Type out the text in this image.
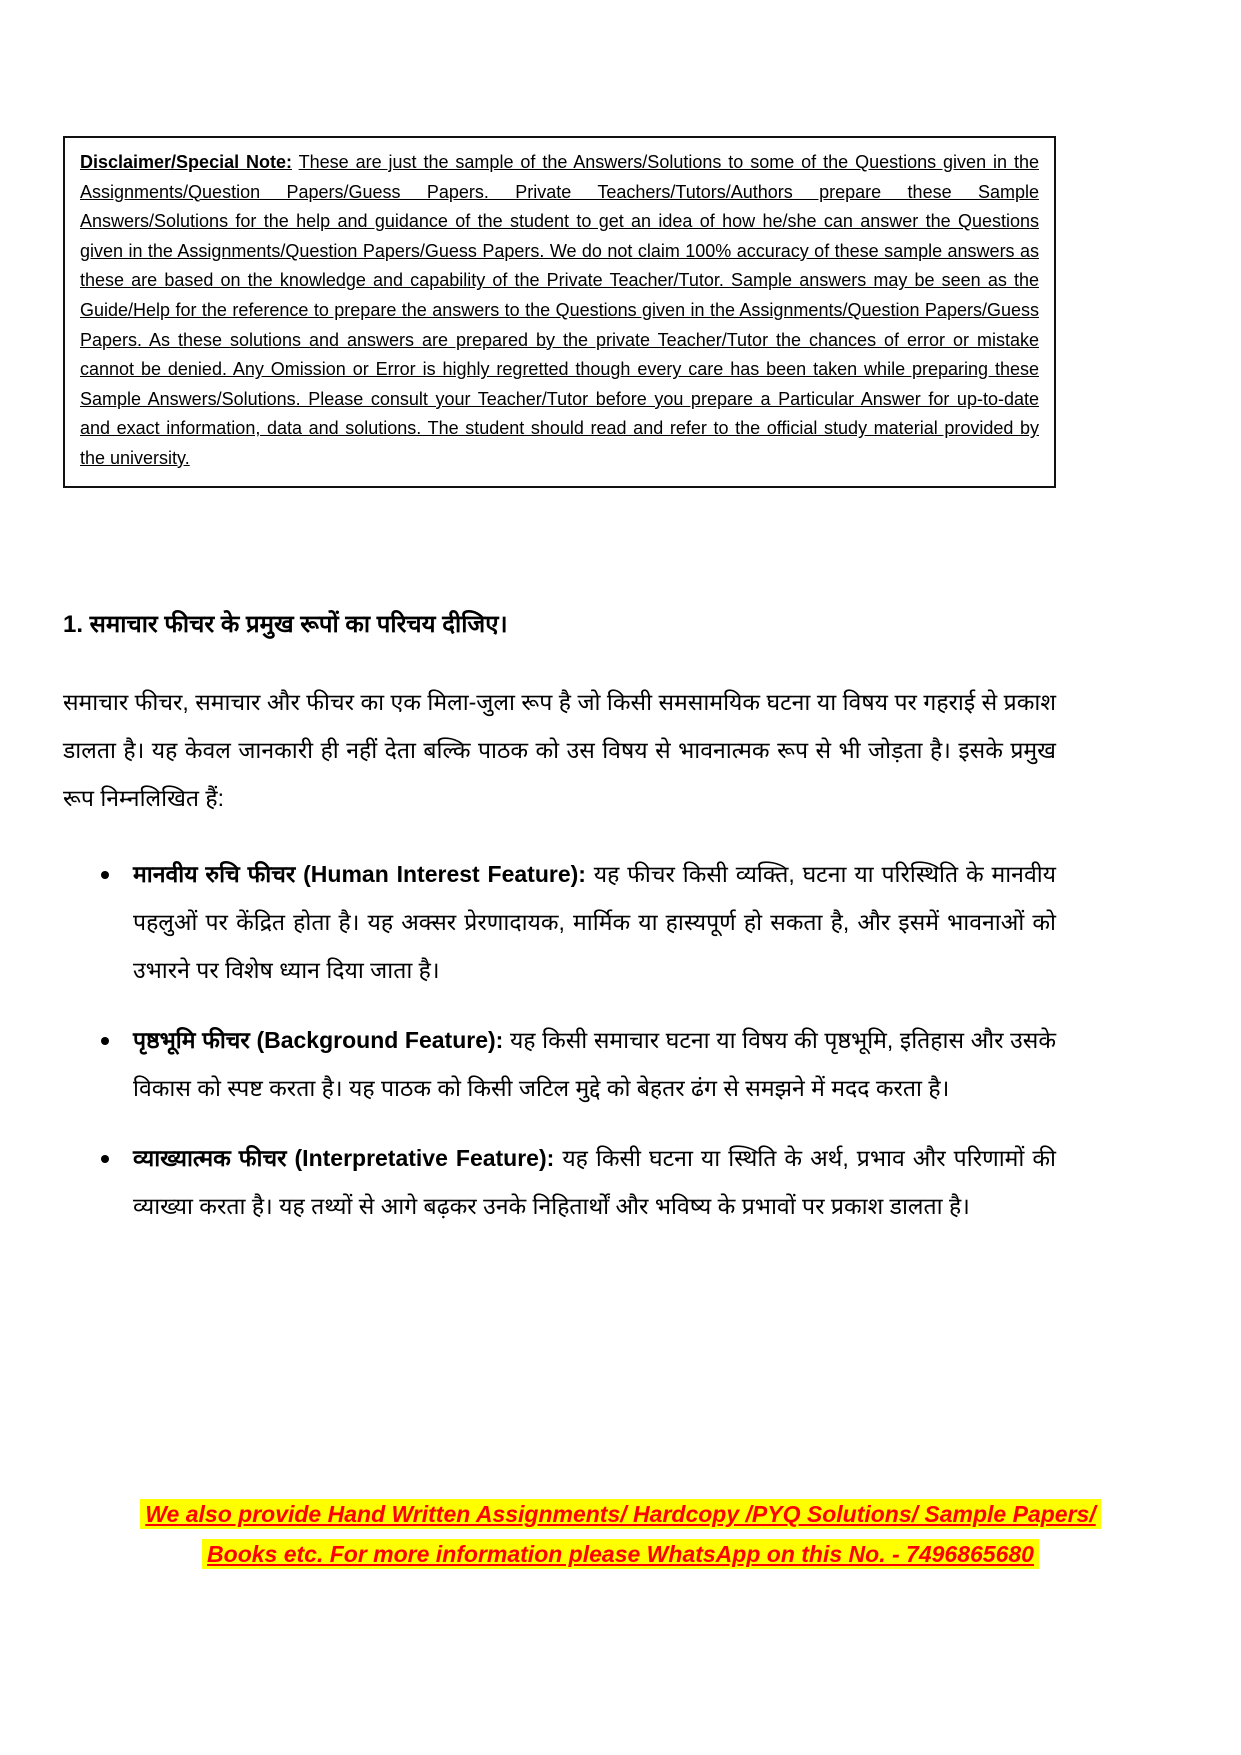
Disclaimer/Special Note: These are just the sample of the Answers/Solutions to some of the Questions given in the Assignments/Question Papers/Guess Papers. Private Teachers/Tutors/Authors prepare these Sample Answers/Solutions for the help and guidance of the student to get an idea of how he/she can answer the Questions given in the Assignments/Question Papers/Guess Papers. We do not claim 100% accuracy of these sample answers as these are based on the knowledge and capability of the Private Teacher/Tutor. Sample answers may be seen as the Guide/Help for the reference to prepare the answers to the Questions given in the Assignments/Question Papers/Guess Papers. As these solutions and answers are prepared by the private Teacher/Tutor the chances of error or mistake cannot be denied. Any Omission or Error is highly regretted though every care has been taken while preparing these Sample Answers/Solutions. Please consult your Teacher/Tutor before you prepare a Particular Answer for up-to-date and exact information, data and solutions. The student should read and refer to the official study material provided by the university.

1. समाचार फीचर के प्रमुख रूपों का परिचय दीजिए।

समाचार फीचर, समाचार और फीचर का एक मिला-जुला रूप है जो किसी समसामयिक घटना या विषय पर गहराई से प्रकाश डालता है। यह केवल जानकारी ही नहीं देता बल्कि पाठक को उस विषय से भावनात्मक रूप से भी जोड़ता है। इसके प्रमुख रूप निम्नलिखित हैं:

मानवीय रुचि फीचर (Human Interest Feature): यह फीचर किसी व्यक्ति, घटना या परिस्थिति के मानवीय पहलुओं पर केंद्रित होता है। यह अक्सर प्रेरणादायक, मार्मिक या हास्यपूर्ण हो सकता है, और इसमें भावनाओं को उभारने पर विशेष ध्यान दिया जाता है।
पृष्ठभूमि फीचर (Background Feature): यह किसी समाचार घटना या विषय की पृष्ठभूमि, इतिहास और उसके विकास को स्पष्ट करता है। यह पाठक को किसी जटिल मुद्दे को बेहतर ढंग से समझने में मदद करता है।
व्याख्यात्मक फीचर (Interpretative Feature): यह किसी घटना या स्थिति के अर्थ, प्रभाव और परिणामों की व्याख्या करता है। यह तथ्यों से आगे बढ़कर उनके निहितार्थों और भविष्य के प्रभावों पर प्रकाश डालता है।
We also provide Hand Written Assignments/ Hardcopy /PYQ Solutions/ Sample Papers/
Books etc. For more information please WhatsApp on this No. - 7496865680
